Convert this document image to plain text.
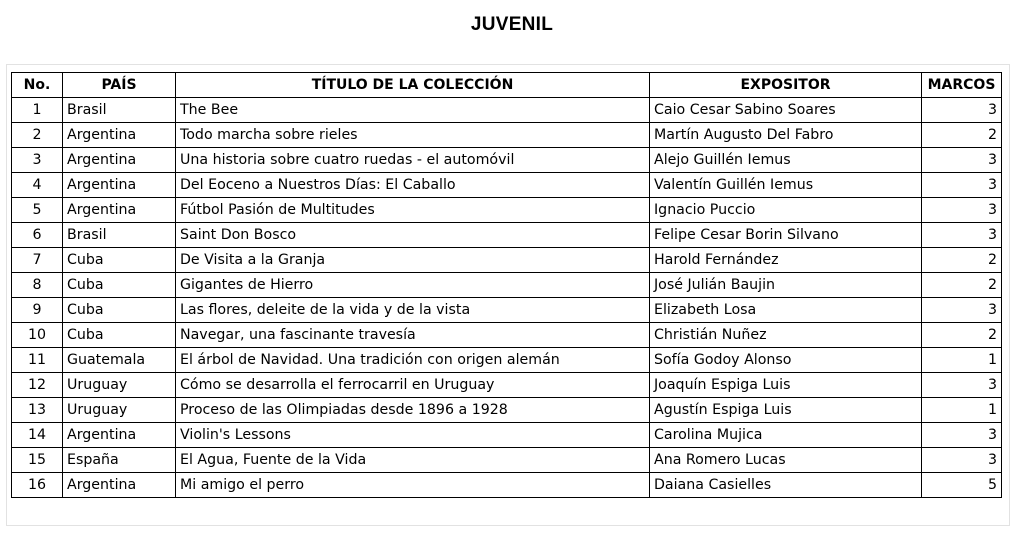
JUVENIL
No.	PAÍS	TÍTULO DE LA COLECCIÓN	EXPOSITOR	MARCOS
1	Brasil	The Bee	Caio Cesar Sabino Soares	3
2	Argentina	Todo marcha sobre rieles	Martín Augusto Del Fabro	2
3	Argentina	Una historia sobre cuatro ruedas - el automóvil	Alejo Guillén Iemus	3
4	Argentina	Del Eoceno a Nuestros Días: El Caballo	Valentín Guillén Iemus	3
5	Argentina	Fútbol Pasión de Multitudes	Ignacio Puccio	3
6	Brasil	Saint Don Bosco	Felipe Cesar Borin Silvano	3
7	Cuba	De Visita a la Granja	Harold Fernández	2
8	Cuba	Gigantes de Hierro	José Julián Baujin	2
9	Cuba	Las flores, deleite de la vida y de la vista	Elizabeth Losa	3
10	Cuba	Navegar, una fascinante travesía	Christián Nuñez	2
11	Guatemala	El árbol de Navidad. Una tradición con origen alemán	Sofía Godoy Alonso	1
12	Uruguay	Cómo se desarrolla el ferrocarril en Uruguay	Joaquín Espiga Luis	3
13	Uruguay	Proceso de las Olimpiadas desde 1896 a 1928	Agustín Espiga Luis	1
14	Argentina	Violin's Lessons	Carolina Mujica	3
15	España	El Agua, Fuente de la Vida	Ana Romero Lucas	3
16	Argentina	Mi amigo el perro	Daiana Casielles	5
